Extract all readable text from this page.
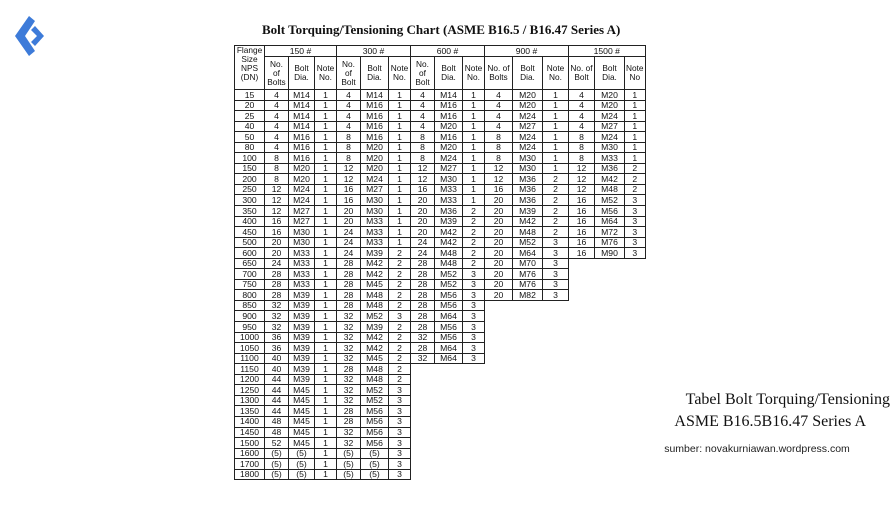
Bolt Torquing/Tensioning Chart (ASME B16.5 / B16.47 Series A)
Flange Size NPS (DN)	150 #			300 #			600 #			900 #			1500 #		
	No. of Bolts	Bolt Dia.	Note No.	No. of Bolt	Bolt Dia.	Note No.	No. of Bolt	Bolt Dia.	Note No.	No. of Bolts	Bolt Dia.	Note No.	No. of Bolt	Bolt Dia.	Note No
15	4	M14	1	4	M14	1	4	M14	1	4	M20	1	4	M20	1
20	4	M14	1	4	M16	1	4	M16	1	4	M20	1	4	M20	1
25	4	M14	1	4	M16	1	4	M16	1	4	M24	1	4	M24	1
40	4	M14	1	4	M16	1	4	M20	1	4	M27	1	4	M27	1
50	4	M16	1	8	M16	1	8	M16	1	8	M24	1	8	M24	1
80	4	M16	1	8	M20	1	8	M20	1	8	M24	1	8	M30	1
100	8	M16	1	8	M20	1	8	M24	1	8	M30	1	8	M33	1
150	8	M20	1	12	M20	1	12	M27	1	12	M30	1	12	M36	2
200	8	M20	1	12	M24	1	12	M30	1	12	M36	2	12	M42	2
250	12	M24	1	16	M27	1	16	M33	1	16	M36	2	12	M48	2
300	12	M24	1	16	M30	1	20	M33	1	20	M36	2	16	M52	3
350	12	M27	1	20	M30	1	20	M36	2	20	M39	2	16	M56	3
400	16	M27	1	20	M33	1	20	M39	2	20	M42	2	16	M64	3
450	16	M30	1	24	M33	1	20	M42	2	20	M48	2	16	M72	3
500	20	M30	1	24	M33	1	24	M42	2	20	M52	3	16	M76	3
600	20	M33	1	24	M39	2	24	M48	2	20	M64	3	16	M90	3
650	24	M33	1	28	M42	2	28	M48	2	20	M70	3			
700	28	M33	1	28	M42	2	28	M52	3	20	M76	3			
750	28	M33	1	28	M45	2	28	M52	3	20	M76	3			
800	28	M39	1	28	M48	2	28	M56	3	20	M82	3			
850	32	M39	1	28	M48	2	28	M56	3						
900	32	M39	1	32	M52	3	28	M64	3						
950	32	M39	1	32	M39	2	28	M56	3						
1000	36	M39	1	32	M42	2	32	M56	3						
1050	36	M39	1	32	M42	2	28	M64	3						
1100	40	M39	1	32	M45	2	32	M64	3						
1150	40	M39	1	28	M48	2									
1200	44	M39	1	32	M48	2									
1250	44	M45	1	32	M52	3									
1300	44	M45	1	32	M52	3									
1350	44	M45	1	28	M56	3									
1400	48	M45	1	28	M56	3									
1450	48	M45	1	32	M56	3									
1500	52	M45	1	32	M56	3									
1600	(5)	(5)	1	(5)	(5)	3									
1700	(5)	(5)	1	(5)	(5)	3									
1800	(5)	(5)	1	(5)	(5)	3									
Tabel Bolt Torquing/Tensioning
ASME B16.5B16.47 Series A
sumber: novakurniawan.wordpress.com
